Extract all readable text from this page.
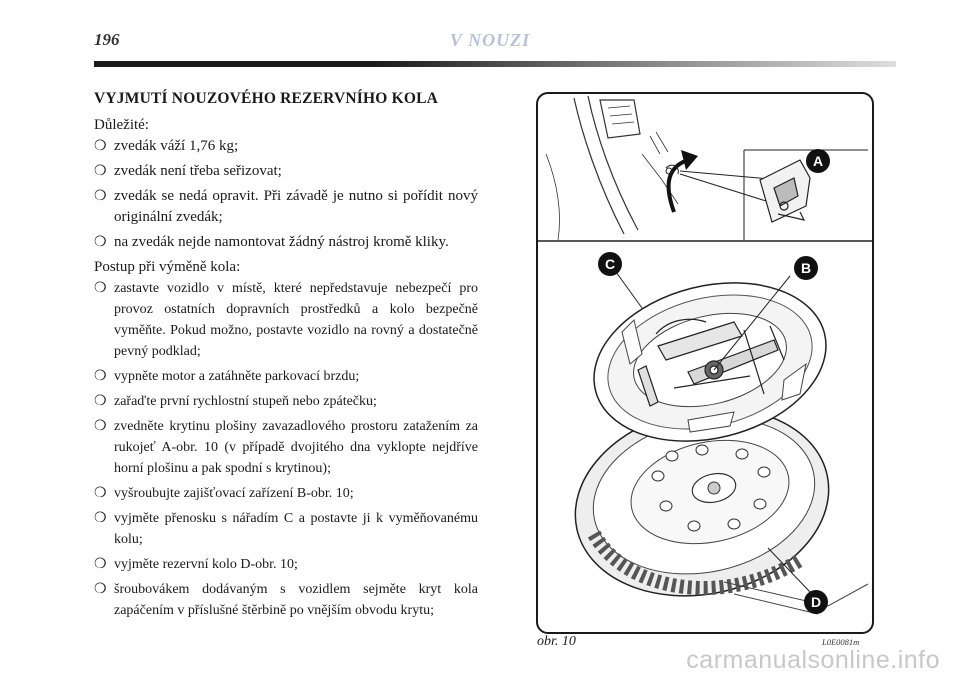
196	V NOUZI
VYJMUTÍ NOUZOVÉHO REZERVNÍHO KOLA

Důležité:

❍ zvedák váží 1,76 kg;
❍ zvedák není třeba seřizovat;
❍ zvedák se nedá opravit. Při závadě je nutno si pořídit nový originální zvedák;
❍ na zvedák nejde namontovat žádný nástroj kromě kliky.

Postup při výměně kola:

❍ zastavte vozidlo v místě, které nepředstavuje nebezpečí pro provoz ostatních dopravních prostředků a kolo bezpečně vyměňte. Pokud možno, postavte vozidlo na rovný a dostatečně pevný podklad;
❍ vypněte motor a zatáhněte parkovací brzdu;
❍ zařaďte první rychlostní stupeň nebo zpátečku;
❍ zvedněte krytinu plošiny zavazadlového prostoru zatažením za rukojeť A-obr. 10 (v případě dvojitého dna vyklopte nejdříve horní plošinu a pak spodní s krytinou);
❍ vyšroubujte zajišťovací zařízení B-obr. 10;
❍ vyjměte přenosku s nářadím C a postavte ji k vyměňovanému kolu;
❍ vyjměte rezervní kolo D-obr. 10;
❍ šroubovákem dodávaným s vozidlem sejměte kryt kola zapáčením v příslušné štěrbině po vnějším obvodu krytu;
A
C	B
D
obr. 10	L0E0081m
carmanualsonline.info
